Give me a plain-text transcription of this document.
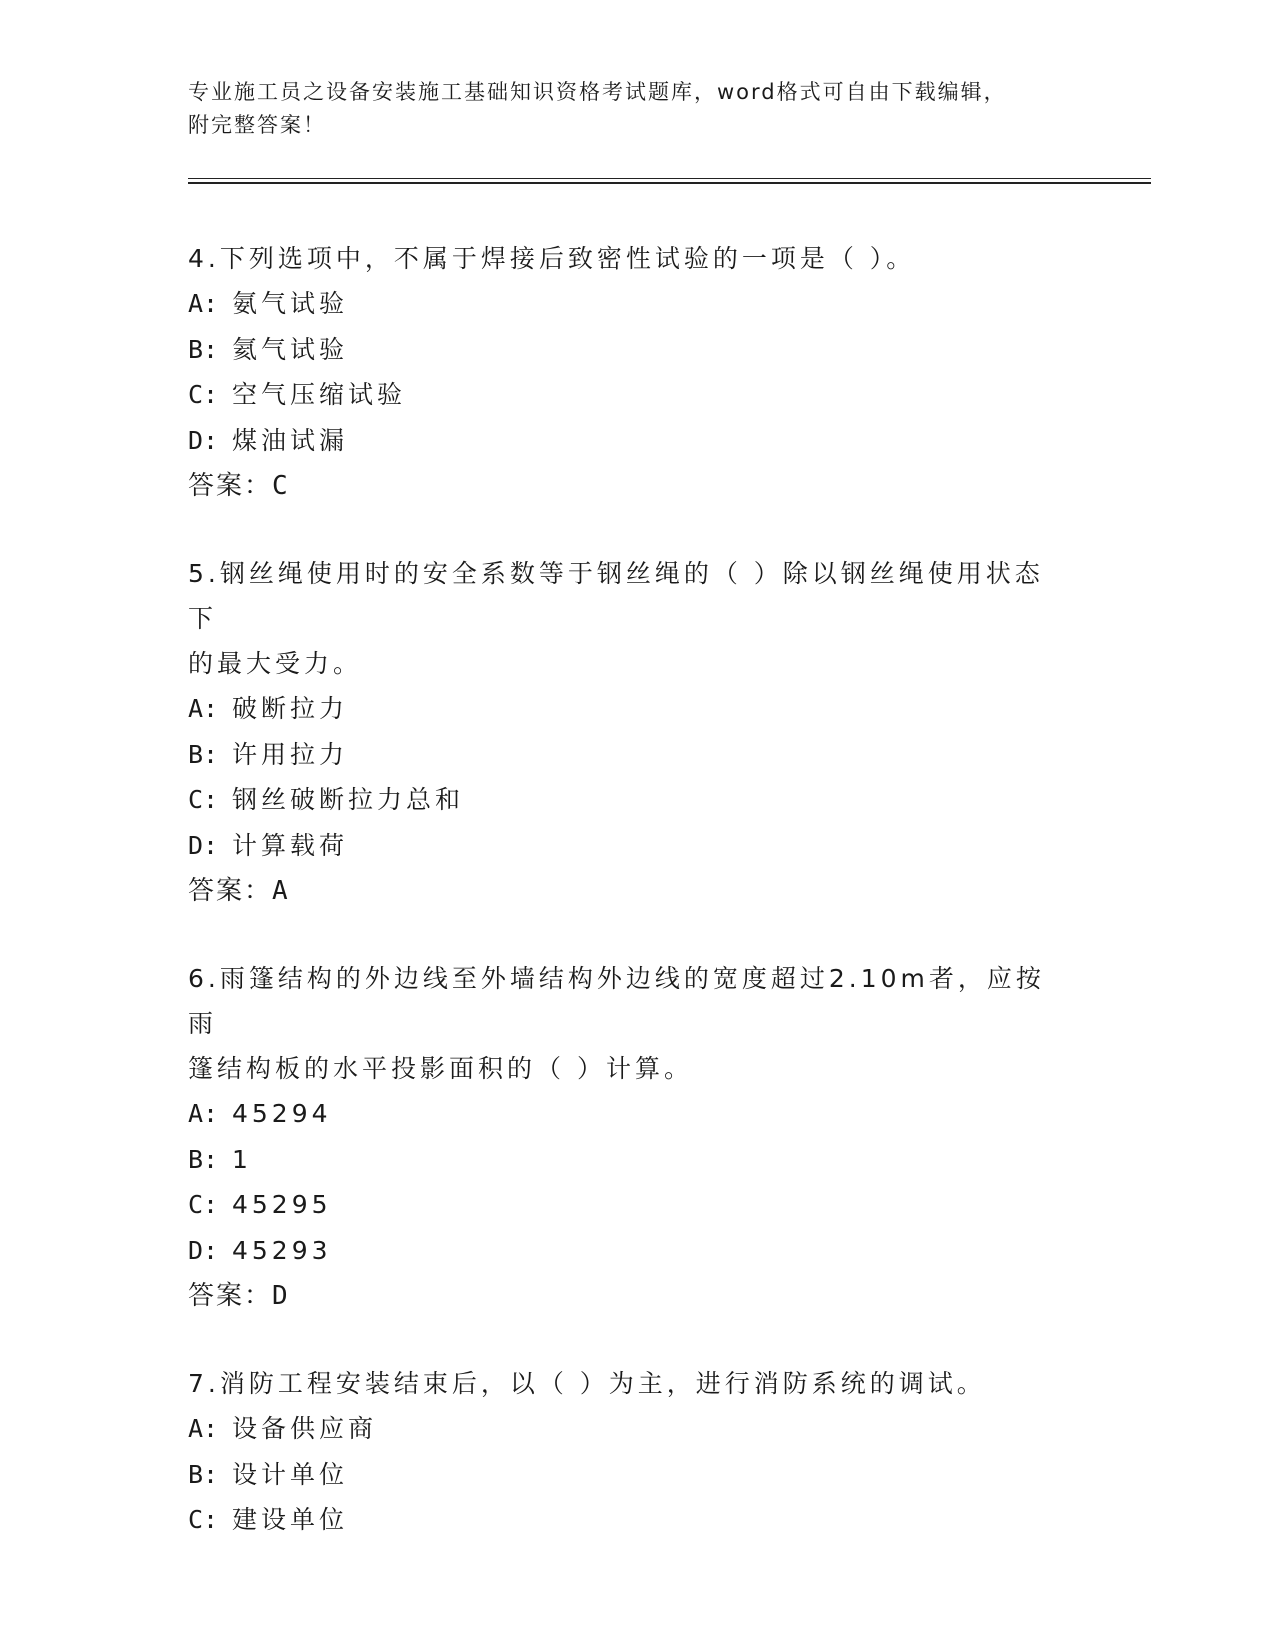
专业施工员之设备安装施工基础知识资格考试题库，word格式可自由下载编辑，
附完整答案！

4.下列选项中，不属于焊接后致密性试验的一项是（ ）。

A: 氨气试验

B: 氦气试验

C: 空气压缩试验

D: 煤油试漏

答案：C

5.钢丝绳使用时的安全系数等于钢丝绳的（ ）除以钢丝绳使用状态下

的最大受力。

A: 破断拉力

B: 许用拉力

C: 钢丝破断拉力总和

D: 计算载荷

答案：A

6.雨篷结构的外边线至外墙结构外边线的宽度超过2.10m者，应按雨

篷结构板的水平投影面积的（ ）计算。

A: 45294

B: 1

C: 45295

D: 45293

答案：D

7.消防工程安装结束后，以（ ）为主，进行消防系统的调试。

A: 设备供应商

B: 设计单位

C: 建设单位
